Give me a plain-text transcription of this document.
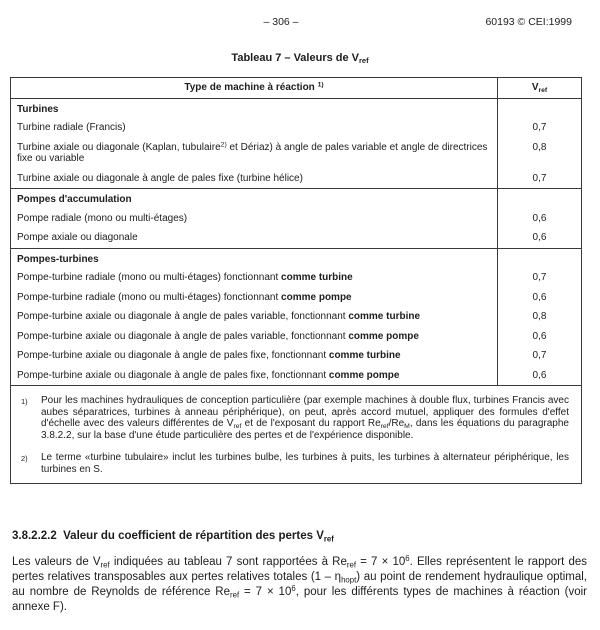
– 306 –	60193 © CEI:1999
Tableau 7 – Valeurs de $V_{ref}$
Type de machine à réaction $^{1)}$	$V_{ref}$
Turbines	
Turbine radiale (Francis)	0,7
Turbine axiale ou diagonale (Kaplan, tubulaire$^{2)}$ et Dériaz) à angle de pales variable et angle de directrices fixe ou variable	0,8
Turbine axiale ou diagonale à angle de pales fixe (turbine hélice)	0,7
Pompes d'accumulation	
Pompe radiale (mono ou multi-étages)	0,6
Pompe axiale ou diagonale	0,6
Pompes-turbines	
Pompe-turbine radiale (mono ou multi-étages) fonctionnant comme turbine	0,7
Pompe-turbine radiale (mono ou multi-étages) fonctionnant comme pompe	0,6
Pompe-turbine axiale ou diagonale à angle de pales variable, fonctionnant comme turbine	0,8
Pompe-turbine axiale ou diagonale à angle de pales variable, fonctionnant comme pompe	0,6
Pompe-turbine axiale ou diagonale à angle de pales fixe, fonctionnant comme turbine	0,7
Pompe-turbine axiale ou diagonale à angle de pales fixe, fonctionnant comme pompe	0,6

1) Pour les machines hydrauliques de conception particulière (par exemple machines à double flux, turbines Francis avec aubes séparatrices, turbines à anneau périphérique), on peut, après accord mutuel, appliquer des formules d'effet d'échelle avec des valeurs différentes de $V_{ref}$ et de l'exposant du rapport $Re_{ref}/Re_M$, dans les équations du paragraphe 3.8.2.2, sur la base d'une étude particulière des pertes et de l'expérience disponible.
2) Le terme «turbine tubulaire» inclut les turbines bulbe, les turbines à puits, les turbines à alternateur périphérique, les turbines en S.	
3.8.2.2.2  Valeur du coefficient de répartition des pertes $V_{ref}$
Les valeurs de $V_{ref}$ indiquées au tableau 7 sont rapportées à $Re_{ref} = 7 \times 10^6$. Elles représentent le rapport des pertes relatives transposables aux pertes relatives totales $(1 - \eta_{hopt})$ au point de rendement hydraulique optimal, au nombre de Reynolds de référence $Re_{ref} = 7 \times 10^6$, pour les différents types de machines à réaction (voir annexe F).
